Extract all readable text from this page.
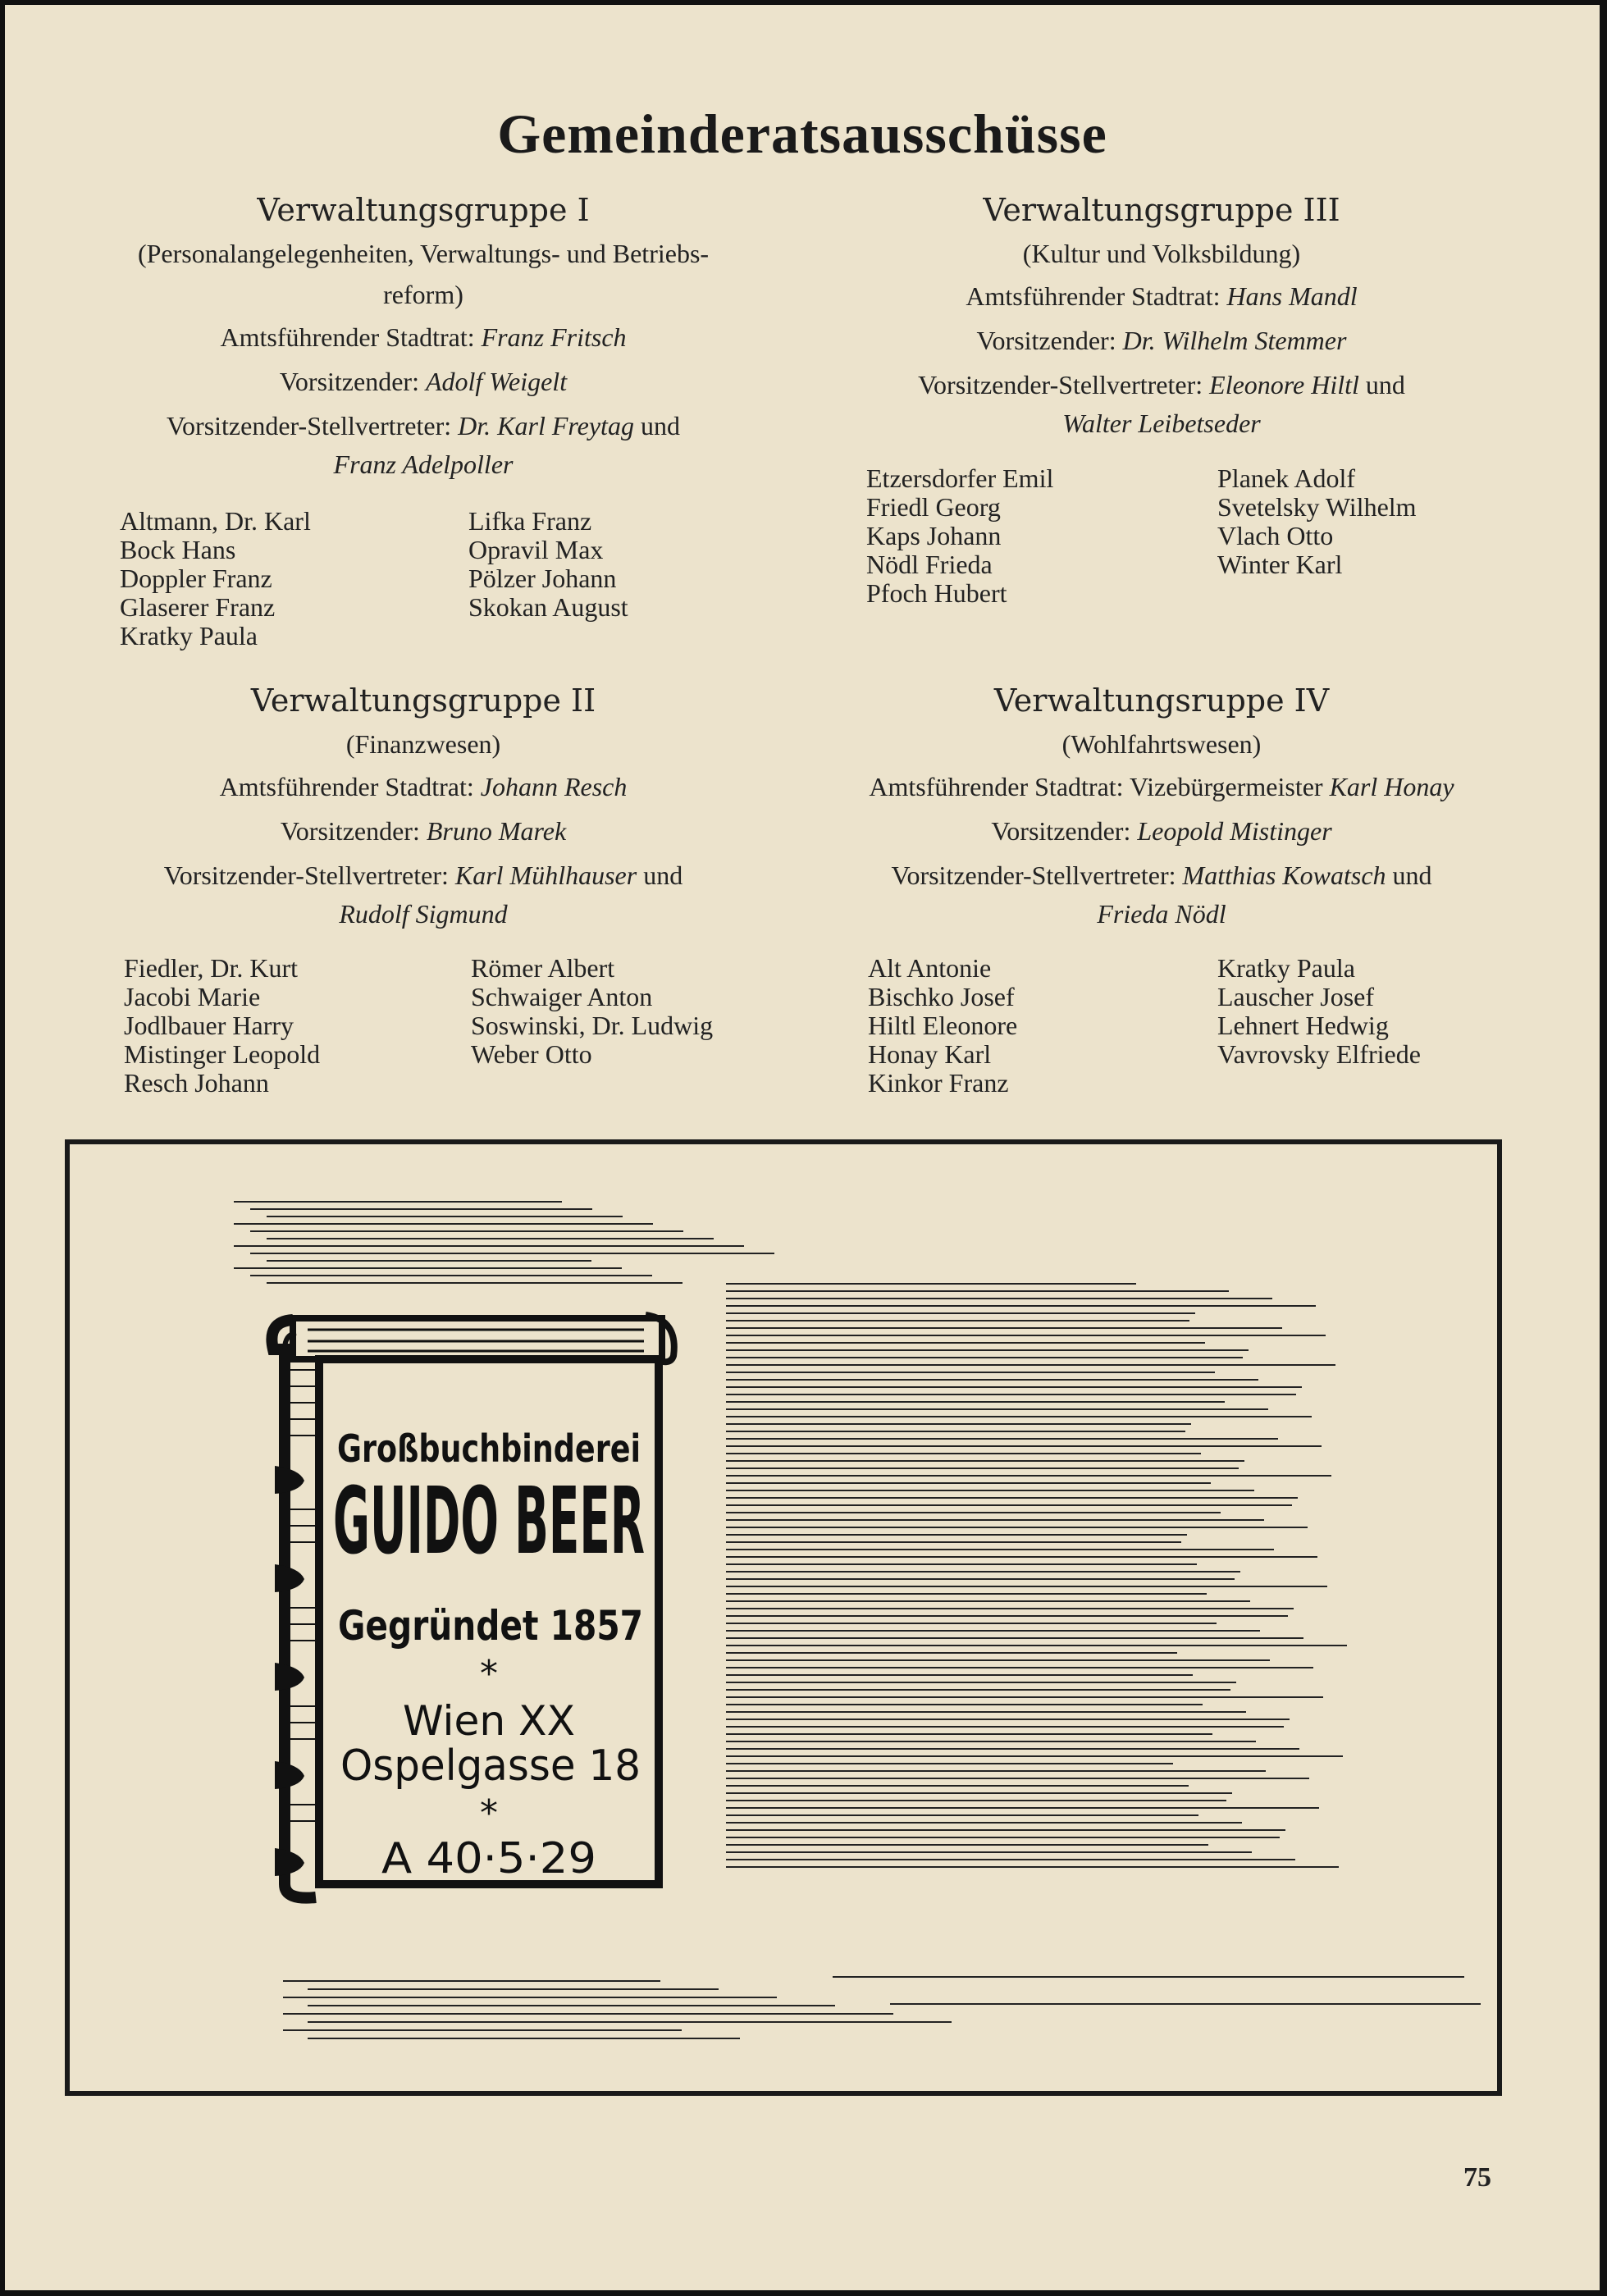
Gemeinderatsausschüsse
Verwaltungsgruppe I
(Personalangelegenheiten, Verwaltungs- und Betriebs-
reform)
Amtsführender Stadtrat: Franz Fritsch
Vorsitzender: Adolf Weigelt
Vorsitzender-Stellvertreter: Dr. Karl Freytag und
Franz Adelpoller
Altmann, Dr. Karl
Bock Hans
Doppler Franz
Glaserer Franz
Kratky Paula
Lifka Franz
Opravil Max
Pölzer Johann
Skokan August
Verwaltungsgruppe III
(Kultur und Volksbildung)
Amtsführender Stadtrat: Hans Mandl
Vorsitzender: Dr. Wilhelm Stemmer
Vorsitzender-Stellvertreter: Eleonore Hiltl und
Walter Leibetseder
Etzersdorfer Emil
Friedl Georg
Kaps Johann
Nödl Frieda
Pfoch Hubert
Planek Adolf
Svetelsky Wilhelm
Vlach Otto
Winter Karl
Verwaltungsgruppe II
(Finanzwesen)
Amtsführender Stadtrat: Johann Resch
Vorsitzender: Bruno Marek
Vorsitzender-Stellvertreter: Karl Mühlhauser und
Rudolf Sigmund
Fiedler, Dr. Kurt
Jacobi Marie
Jodlbauer Harry
Mistinger Leopold
Resch Johann
Römer Albert
Schwaiger Anton
Soswinski, Dr. Ludwig
Weber Otto
Verwaltungsruppe IV
(Wohlfahrtswesen)
Amtsführender Stadtrat: Vizebürgermeister Karl Honay
Vorsitzender: Leopold Mistinger
Vorsitzender-Stellvertreter: Matthias Kowatsch und
Frieda Nödl
Alt Antonie
Bischko Josef
Hiltl Eleonore
Honay Karl
Kinkor Franz
Kratky Paula
Lauscher Josef
Lehnert Hedwig
Vavrovsky Elfriede
Großbuchbinderei
GUIDO BEER
Gegründet 1857
*
Wien XX
Ospelgasse 18
*
A 40·5·29
75
